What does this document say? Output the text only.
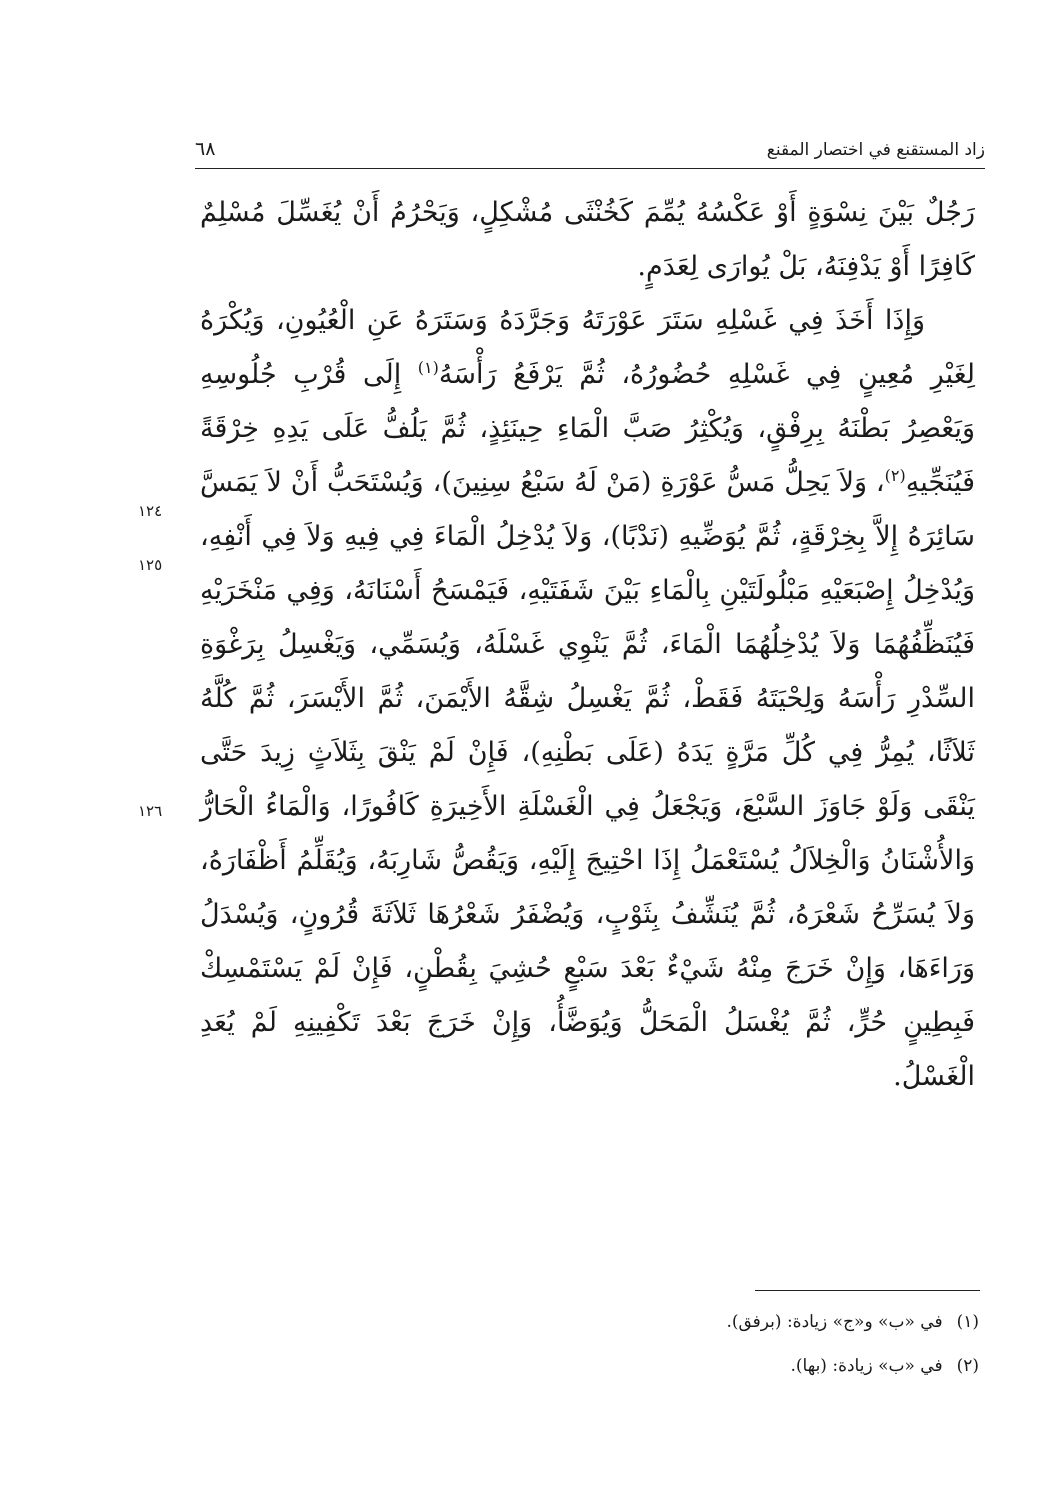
زاد المستقنع في اختصار المقنع
٦٨

رَجُلٌ بَيْنَ نِسْوَةٍ أَوْ عَكْسُهُ يُمِّمَ كَخُنْثَى مُشْكِلٍ، وَيَحْرُمُ أَنْ يُغَسِّلَ مُسْلِمٌ كَافِرًا أَوْ يَدْفِنَهُ، بَلْ يُوارَى لِعَدَمٍ.

وَإِذَا أَخَذَ فِي غَسْلِهِ سَتَرَ عَوْرَتَهُ وَجَرَّدَهُ وَسَتَرَهُ عَنِ الْعُيُونِ، وَيُكْرَهُ لِغَيْرِ مُعِينٍ فِي غَسْلِهِ حُضُورُهُ، ثُمَّ يَرْفَعُ رَأْسَهُ$^{(١)}$ إِلَى قُرْبِ جُلُوسِهِ وَيَعْصِرُ بَطْنَهُ بِرِفْقٍ، وَيُكْثِرُ صَبَّ الْمَاءِ حِينَئِذٍ، ثُمَّ يَلُفُّ عَلَى يَدِهِ خِرْقَةً فَيُنَجِّيهِ$^{(٢)}$، وَلاَ يَحِلُّ مَسُّ عَوْرَةِ (مَنْ لَهُ سَبْعُ سِنِينَ)، وَيُسْتَحَبُّ أَنْ لاَ يَمَسَّ سَائِرَهُ إِلاَّ بِخِرْقَةٍ، ثُمَّ يُوَضِّيهِ (نَدْبًا)، وَلاَ يُدْخِلُ الْمَاءَ فِي فِيهِ وَلاَ فِي أَنْفِهِ، وَيُدْخِلُ إِصْبَعَيْهِ مَبْلُولَتَيْنِ بِالْمَاءِ بَيْنَ شَفَتَيْهِ، فَيَمْسَحُ أَسْنَانَهُ، وَفِي مَنْخَرَيْهِ فَيُنَظِّفُهُمَا وَلاَ يُدْخِلُهُمَا الْمَاءَ، ثُمَّ يَنْوِي غَسْلَهُ، وَيُسَمِّي، وَيَغْسِلُ بِرَغْوَةِ السِّدْرِ رَأْسَهُ وَلِحْيَتَهُ فَقَطْ، ثُمَّ يَغْسِلُ شِقَّهُ الأَيْمَنَ، ثُمَّ الأَيْسَرَ، ثُمَّ كُلَّهُ ثَلاَثًا، يُمِرُّ فِي كُلِّ مَرَّةٍ يَدَهُ (عَلَى بَطْنِهِ)، فَإِنْ لَمْ يَنْقَ بِثَلاَثٍ زِيدَ حَتَّى يَنْقَى وَلَوْ جَاوَزَ السَّبْعَ، وَيَجْعَلُ فِي الْغَسْلَةِ الأَخِيرَةِ كَافُورًا، وَالْمَاءُ الْحَارُّ وَالأُشْنَانُ وَالْخِلاَلُ يُسْتَعْمَلُ إِذَا احْتِيجَ إِلَيْهِ، وَيَقُصُّ شَارِبَهُ، وَيُقَلِّمُ أَظْفَارَهُ، وَلاَ يُسَرِّحُ شَعْرَهُ، ثُمَّ يُنَشِّفُ بِثَوْبٍ، وَيُضْفَرُ شَعْرُهَا ثَلاَثَةَ قُرُونٍ، وَيُسْدَلُ وَرَاءَهَا، وَإِنْ خَرَجَ مِنْهُ شَيْءٌ بَعْدَ سَبْعٍ حُشِيَ بِقُطْنٍ، فَإِنْ لَمْ يَسْتَمْسِكْ فَبِطِينٍ حُرٍّ، ثُمَّ يُغْسَلُ الْمَحَلُّ وَيُوَضَّأُ، وَإِنْ خَرَجَ بَعْدَ تَكْفِينِهِ لَمْ يُعَدِ الْغَسْلُ.

١٢٤
١٢٥
١٢٦
(١)في «ب» و«ج» زيادة: (برفق).
(٢)في «ب» زيادة: (بها).
